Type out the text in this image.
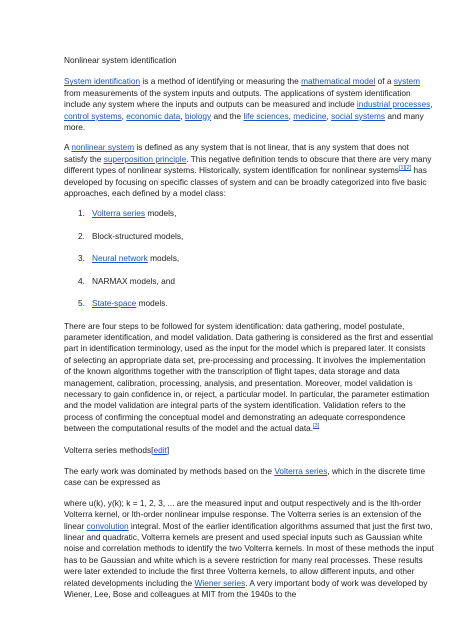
Nonlinear system identification

System identification is a method of identifying or measuring the mathematical model of a system from measurements of the system inputs and outputs. The applications of system identification include any system where the inputs and outputs can be measured and include industrial processes, control systems, economic data, biology and the life sciences, medicine, social systems and many more.

A nonlinear system is defined as any system that is not linear, that is any system that does not satisfy the superposition principle. This negative definition tends to obscure that there are very many different types of nonlinear systems. Historically, system identification for nonlinear systems[1][2] has developed by focusing on specific classes of system and can be broadly categorized into five basic approaches, each defined by a model class:

1. Volterra series models,
2. Block-structured models,
3. Neural network models,
4. NARMAX models, and
5. State-space models.

There are four steps to be followed for system identification: data gathering, model postulate, parameter identification, and model validation. Data gathering is considered as the first and essential part in identification terminology, used as the input for the model which is prepared later. It consists of selecting an appropriate data set, pre-processing and processing. It involves the implementation of the known algorithms together with the transcription of flight tapes, data storage and data management, calibration, processing, analysis, and presentation. Moreover, model validation is necessary to gain confidence in, or reject, a particular model. In particular, the parameter estimation and the model validation are integral parts of the system identification. Validation refers to the process of confirming the conceptual model and demonstrating an adequate correspondence between the computational results of the model and the actual data.[3]

Volterra series methods[edit]

The early work was dominated by methods based on the Volterra series, which in the discrete time case can be expressed as

where u(k), y(k); k = 1, 2, 3, ... are the measured input and output respectively and is the lth-order Volterra kernel, or lth-order nonlinear impulse response. The Volterra series is an extension of the linear convolution integral. Most of the earlier identification algorithms assumed that just the first two, linear and quadratic, Volterra kernels are present and used special inputs such as Gaussian white noise and correlation methods to identify the two Volterra kernels. In most of these methods the input has to be Gaussian and white which is a severe restriction for many real processes. These results were later extended to include the first three Volterra kernels, to allow different inputs, and other related developments including the Wiener series. A very important body of work was developed by Wiener, Lee, Bose and colleagues at MIT from the 1940s to the
